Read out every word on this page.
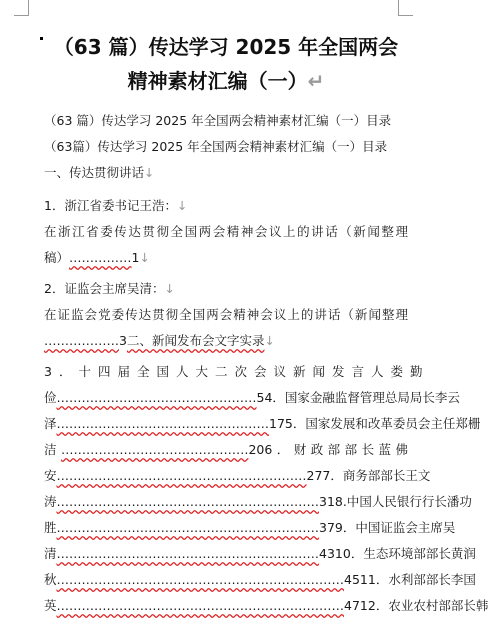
（63 篇）传达学习 2025 年全国两会精神素材汇编（一）↵
（63 篇）传达学习 2025 年全国两会精神素材汇编（一）目录（63篇）传达学习 2025 年全国两会精神素材汇编（一）目录一、传达贯彻讲话↓
1．浙江省委书记王浩：↓
在浙江省委传达贯彻全国两会精神会议上的讲话（新闻整理
稿）……………1↓
2．证监会主席吴清：↓
在证监会党委传达贯彻全国两会精神会议上的讲话（新闻整理
………………3二、新闻发布会文字实录↓
3．十四届全国人大二次会议新闻发言人娄勤
俭…………………………………………54．国家金融监督管理总局局长李云
泽……………………………………………175．国家发展和改革委员会主任郑栅
洁………………………………………206．财政部部长蓝佛
安……………………………………………………277．商务部部长王文
涛………………………………………………………318.中国人民银行行长潘功
胜………………………………………………………379．中国证监会主席吴
清………………………………………………………4310．生态环境部部长黄润
秋……………………………………………………………4511．水利部部长李国
英……………………………………………………………4712．农业农村部部长韩
